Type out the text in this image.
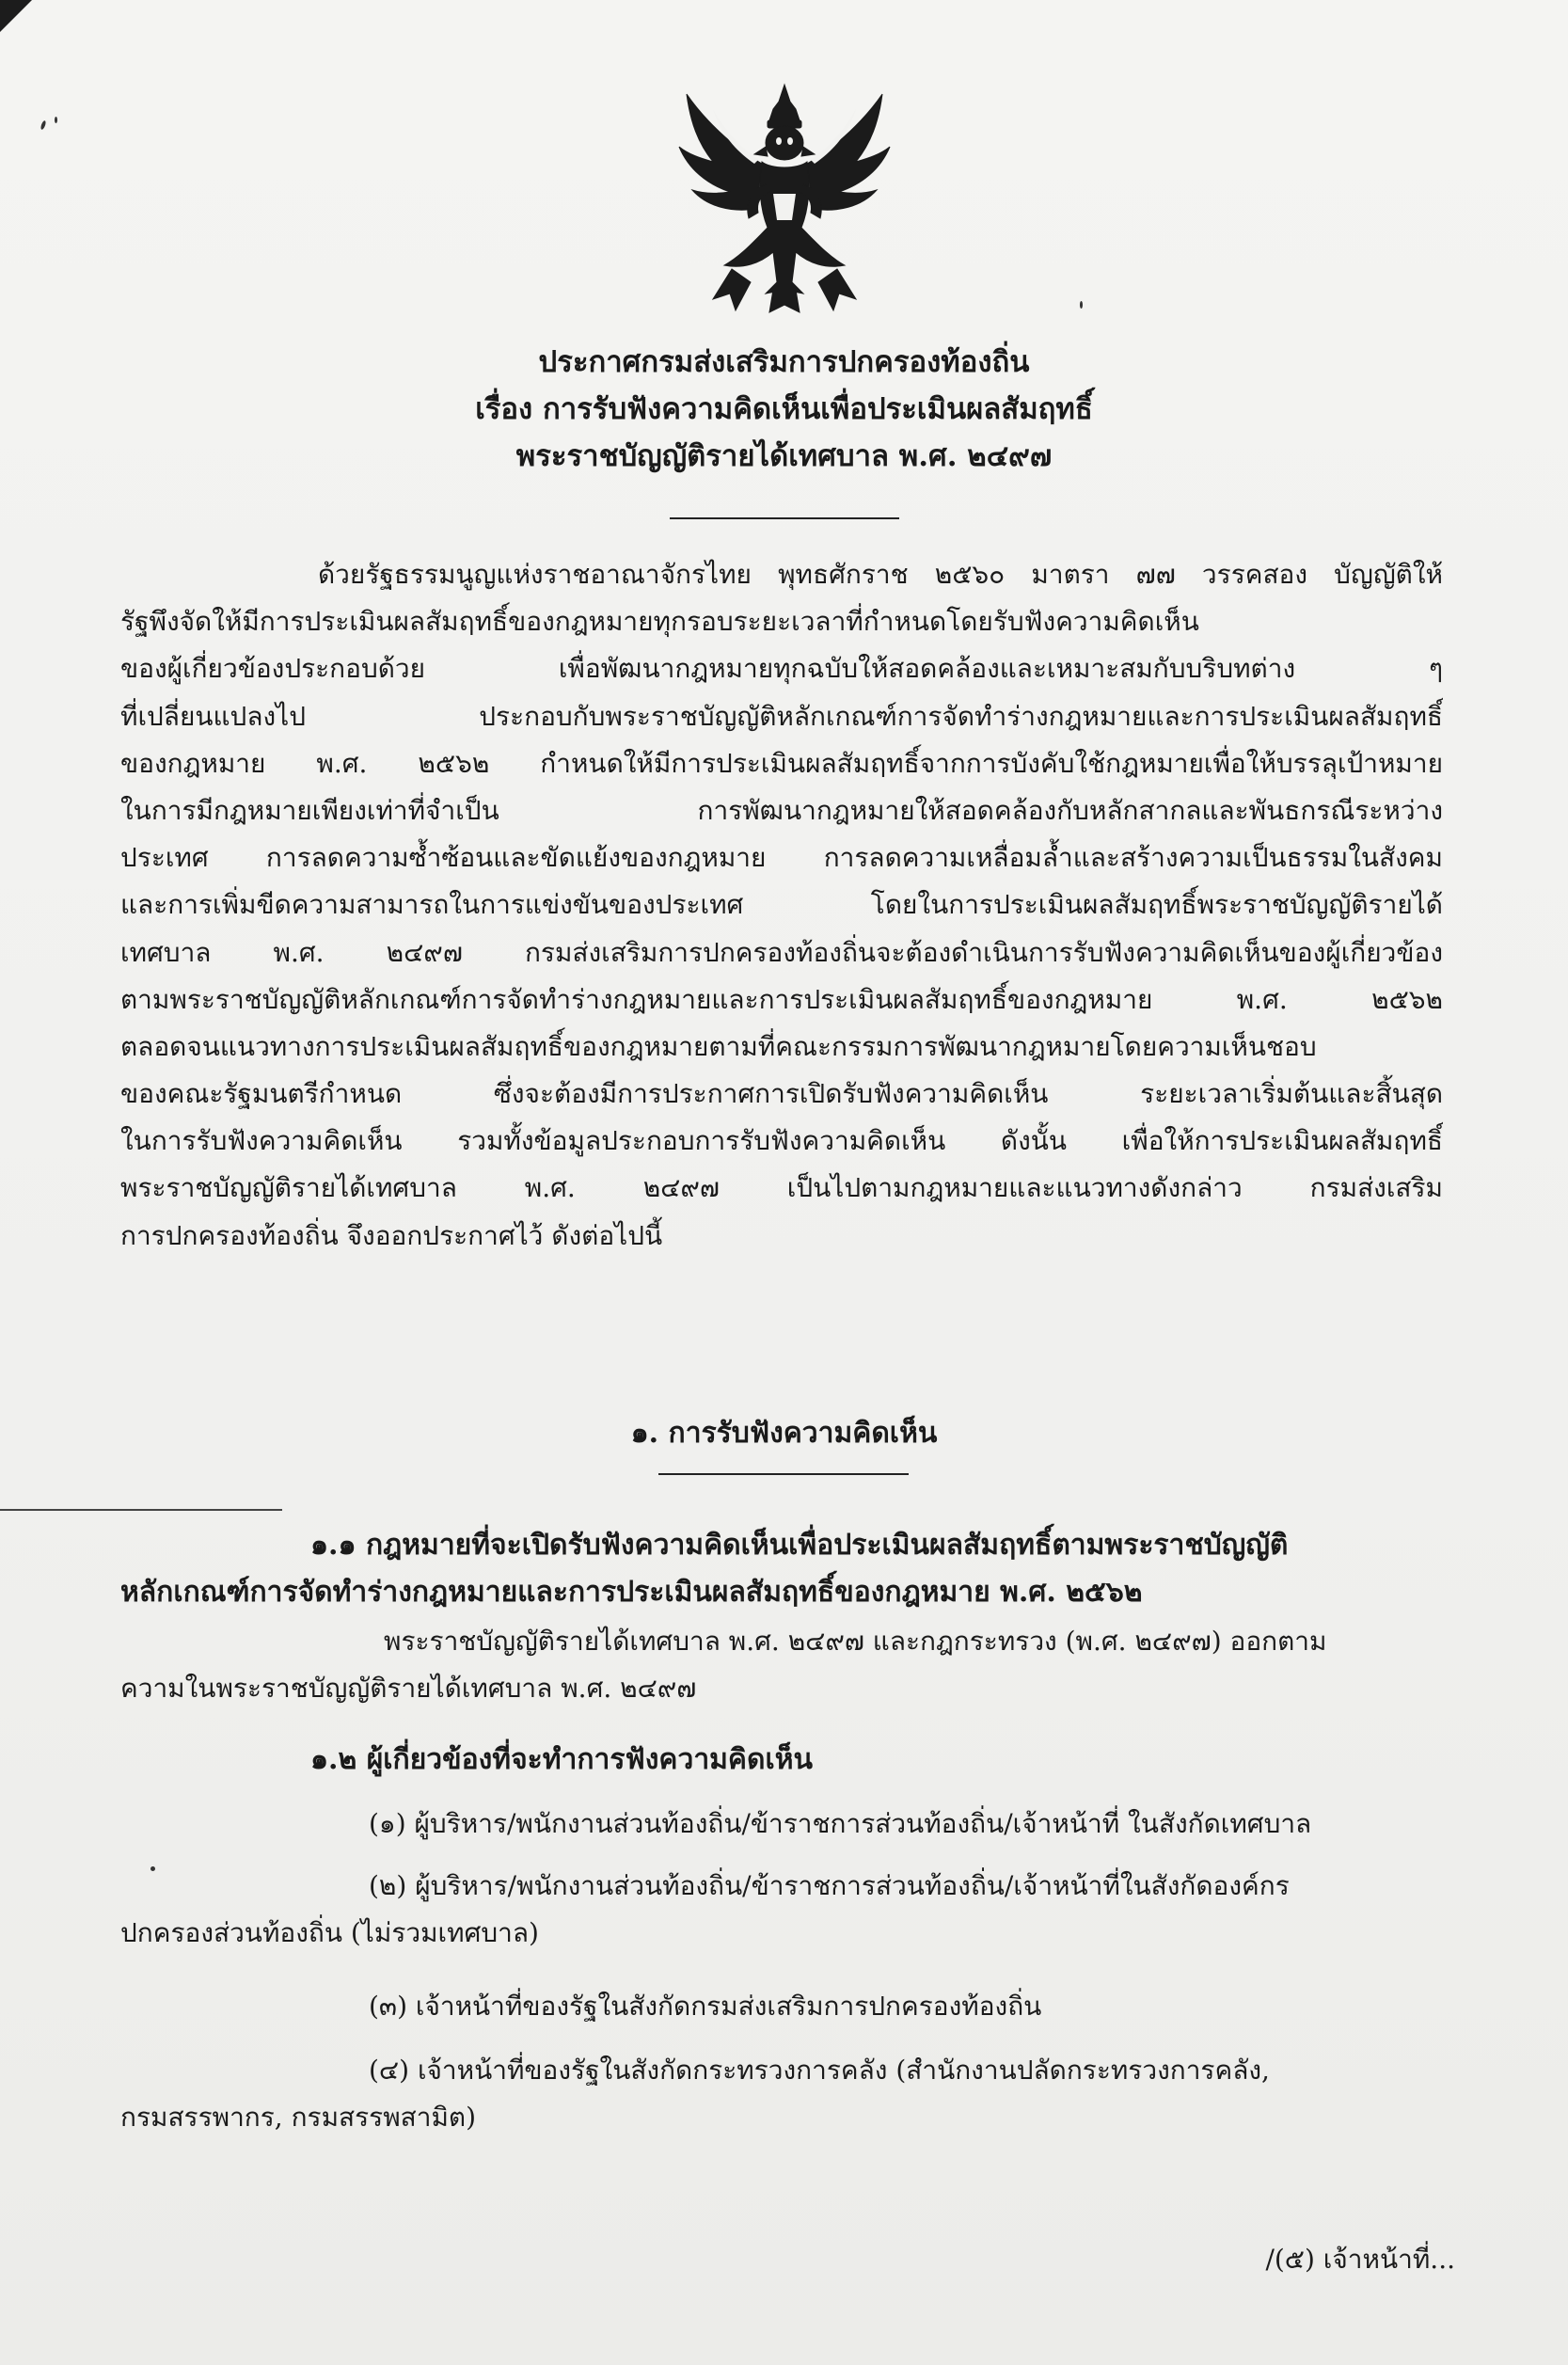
ประกาศกรมส่งเสริมการปกครองท้องถิ่น
เรื่อง การรับฟังความคิดเห็นเพื่อประเมินผลสัมฤทธิ์
พระราชบัญญัติรายได้เทศบาล พ.ศ. ๒๔๙๗
ด้วยรัฐธรรมนูญแห่งราชอาณาจักรไทย พุทธศักราช ๒๕๖๐ มาตรา ๗๗ วรรคสอง บัญญัติให้
รัฐพึงจัดให้มีการประเมินผลสัมฤทธิ์ของกฎหมายทุกรอบระยะเวลาที่กำหนดโดยรับฟังความคิดเห็น
ของผู้เกี่ยวข้องประกอบด้วย เพื่อพัฒนากฎหมายทุกฉบับให้สอดคล้องและเหมาะสมกับบริบทต่าง ๆ
ที่เปลี่ยนแปลงไป ประกอบกับพระราชบัญญัติหลักเกณฑ์การจัดทำร่างกฎหมายและการประเมินผลสัมฤทธิ์
ของกฎหมาย พ.ศ. ๒๕๖๒ กำหนดให้มีการประเมินผลสัมฤทธิ์จากการบังคับใช้กฎหมายเพื่อให้บรรลุเป้าหมาย
ในการมีกฎหมายเพียงเท่าที่จำเป็น การพัฒนากฎหมายให้สอดคล้องกับหลักสากลและพันธกรณีระหว่าง
ประเทศ การลดความซ้ำซ้อนและขัดแย้งของกฎหมาย การลดความเหลื่อมล้ำและสร้างความเป็นธรรมในสังคม
และการเพิ่มขีดความสามารถในการแข่งขันของประเทศ โดยในการประเมินผลสัมฤทธิ์พระราชบัญญัติรายได้
เทศบาล พ.ศ. ๒๔๙๗ กรมส่งเสริมการปกครองท้องถิ่นจะต้องดำเนินการรับฟังความคิดเห็นของผู้เกี่ยวข้อง
ตามพระราชบัญญัติหลักเกณฑ์การจัดทำร่างกฎหมายและการประเมินผลสัมฤทธิ์ของกฎหมาย พ.ศ. ๒๕๖๒
ตลอดจนแนวทางการประเมินผลสัมฤทธิ์ของกฎหมายตามที่คณะกรรมการพัฒนากฎหมายโดยความเห็นชอบ
ของคณะรัฐมนตรีกำหนด ซึ่งจะต้องมีการประกาศการเปิดรับฟังความคิดเห็น ระยะเวลาเริ่มต้นและสิ้นสุด
ในการรับฟังความคิดเห็น รวมทั้งข้อมูลประกอบการรับฟังความคิดเห็น ดังนั้น เพื่อให้การประเมินผลสัมฤทธิ์
พระราชบัญญัติรายได้เทศบาล พ.ศ. ๒๔๙๗ เป็นไปตามกฎหมายและแนวทางดังกล่าว กรมส่งเสริม
การปกครองท้องถิ่น จึงออกประกาศไว้ ดังต่อไปนี้
๑. การรับฟังความคิดเห็น
๑.๑ กฎหมายที่จะเปิดรับฟังความคิดเห็นเพื่อประเมินผลสัมฤทธิ์ตามพระราชบัญญัติ
หลักเกณฑ์การจัดทำร่างกฎหมายและการประเมินผลสัมฤทธิ์ของกฎหมาย พ.ศ. ๒๕๖๒
พระราชบัญญัติรายได้เทศบาล พ.ศ. ๒๔๙๗ และกฎกระทรวง (พ.ศ. ๒๔๙๗) ออกตาม
ความในพระราชบัญญัติรายได้เทศบาล พ.ศ. ๒๔๙๗
๑.๒ ผู้เกี่ยวข้องที่จะทำการฟังความคิดเห็น
(๑) ผู้บริหาร/พนักงานส่วนท้องถิ่น/ข้าราชการส่วนท้องถิ่น/เจ้าหน้าที่ ในสังกัดเทศบาล
(๒) ผู้บริหาร/พนักงานส่วนท้องถิ่น/ข้าราชการส่วนท้องถิ่น/เจ้าหน้าที่ในสังกัดองค์กร
ปกครองส่วนท้องถิ่น (ไม่รวมเทศบาล)
(๓) เจ้าหน้าที่ของรัฐในสังกัดกรมส่งเสริมการปกครองท้องถิ่น
(๔) เจ้าหน้าที่ของรัฐในสังกัดกระทรวงการคลัง (สำนักงานปลัดกระทรวงการคลัง,
กรมสรรพากร, กรมสรรพสามิต)
/(๕) เจ้าหน้าที่...
